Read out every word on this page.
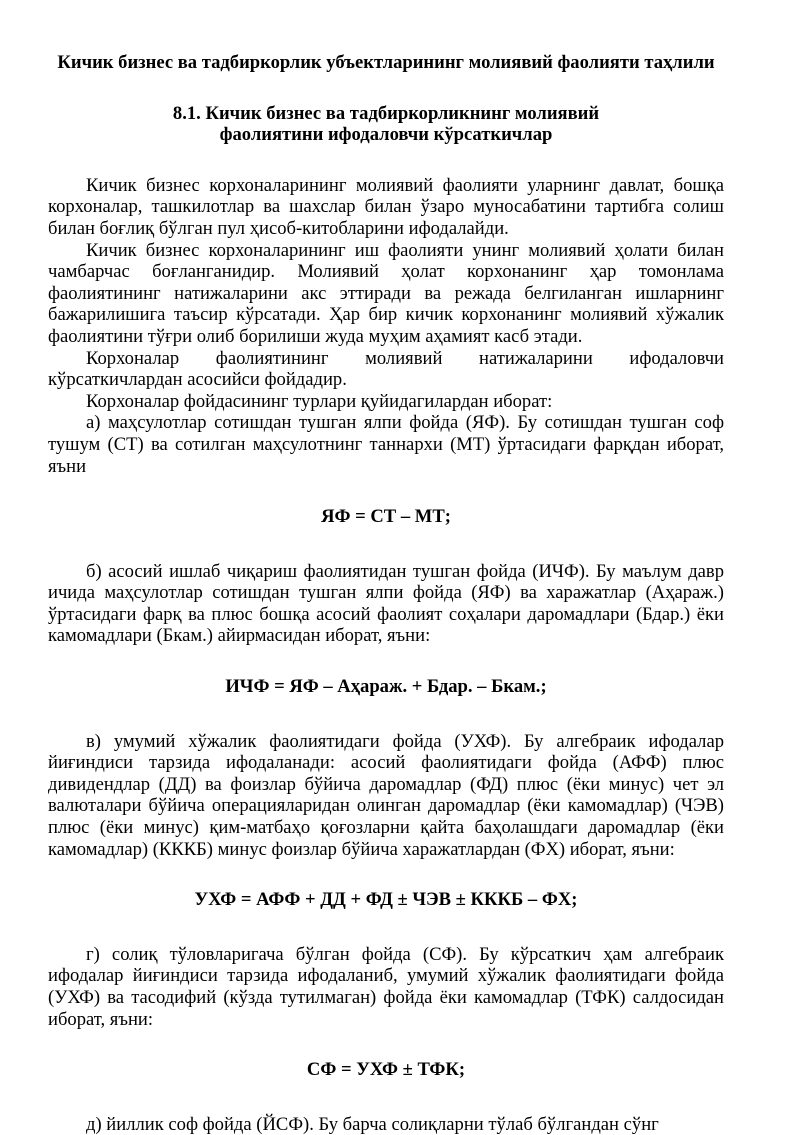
Кичик бизнес ва тадбиркорлик убъектларининг молиявий фаолияти таҳлили
8.1. Кичик бизнес ва тадбиркорликнинг молиявий
фаолиятини ифодаловчи кўрсаткичлар

Кичик бизнес корхоналарининг молиявий фаолияти уларнинг давлат, бошқа корхоналар, ташкилотлар ва шахслар билан ўзаро муносабатини тартибга солиш билан боғлиқ бўлган пул ҳисоб-китобларини ифодалайди.

Кичик бизнес корхоналарининг иш фаолияти унинг молиявий ҳолати билан чамбарчас боғланганидир. Молиявий ҳолат корхонанинг ҳар томонлама фаолиятининг натижаларини акс эттиради ва режада белгиланган ишларнинг бажарилишига таъсир кўрсатади. Ҳар бир кичик корхонанинг молиявий хўжалик фаолиятини тўғри олиб борилиши жуда муҳим аҳамият касб этади.

Корхоналар фаолиятининг молиявий натижаларини ифодаловчи кўрсаткичлардан асосийси фойдадир.

Корхоналар фойдасининг турлари қуйидагилардан иборат:

а) маҳсулотлар сотишдан тушган ялпи фойда (ЯФ). Бу сотишдан тушган соф тушум (СТ) ва сотилган маҳсулотнинг таннархи (МТ) ўртасидаги фарқдан иборат, яъни

ЯФ = СТ – МТ;

б) асосий ишлаб чиқариш фаолиятидан тушган фойда (ИЧФ). Бу маълум давр ичида маҳсулотлар сотишдан тушган ялпи фойда (ЯФ) ва харажатлар (Аҳараж.) ўртасидаги фарқ ва плюс бошқа асосий фаолият соҳалари даромадлари (Бдар.) ёки камомадлари (Бкам.) айирмасидан иборат, яъни:

ИЧФ = ЯФ – Аҳараж. + Бдар. – Бкам.;

в) умумий хўжалик фаолиятидаги фойда (УХФ). Бу алгебраик ифодалар йиғиндиси тарзида ифодаланади: асосий фаолиятидаги фойда (АФФ) плюс дивидендлар (ДД) ва фоизлар бўйича даромадлар (ФД) плюс (ёки минус) чет эл валюталари бўйича операцияларидан олинган даромадлар (ёки камомадлар) (ЧЭВ) плюс (ёки минус) қим-матбаҳо қоғозларни қайта баҳолашдаги даромадлар (ёки камомадлар) (КККБ) минус фоизлар бўйича харажатлардан (ФХ) иборат, яъни:

УХФ = АФФ + ДД + ФД ± ЧЭВ ± КККБ – ФХ;

г) солиқ тўловларигача бўлган фойда (СФ). Бу кўрсаткич ҳам алгебраик ифодалар йиғиндиси тарзида ифодаланиб, умумий хўжалик фаолиятидаги фойда (УХФ) ва тасодифий (кўзда тутилмаган) фойда ёки камомадлар (ТФК) салдосидан иборат, яъни:

СФ = УХФ ± ТФК;

д) йиллик соф фойда (ЙСФ). Бу барча солиқларни тўлаб бўлгандан сўнг
